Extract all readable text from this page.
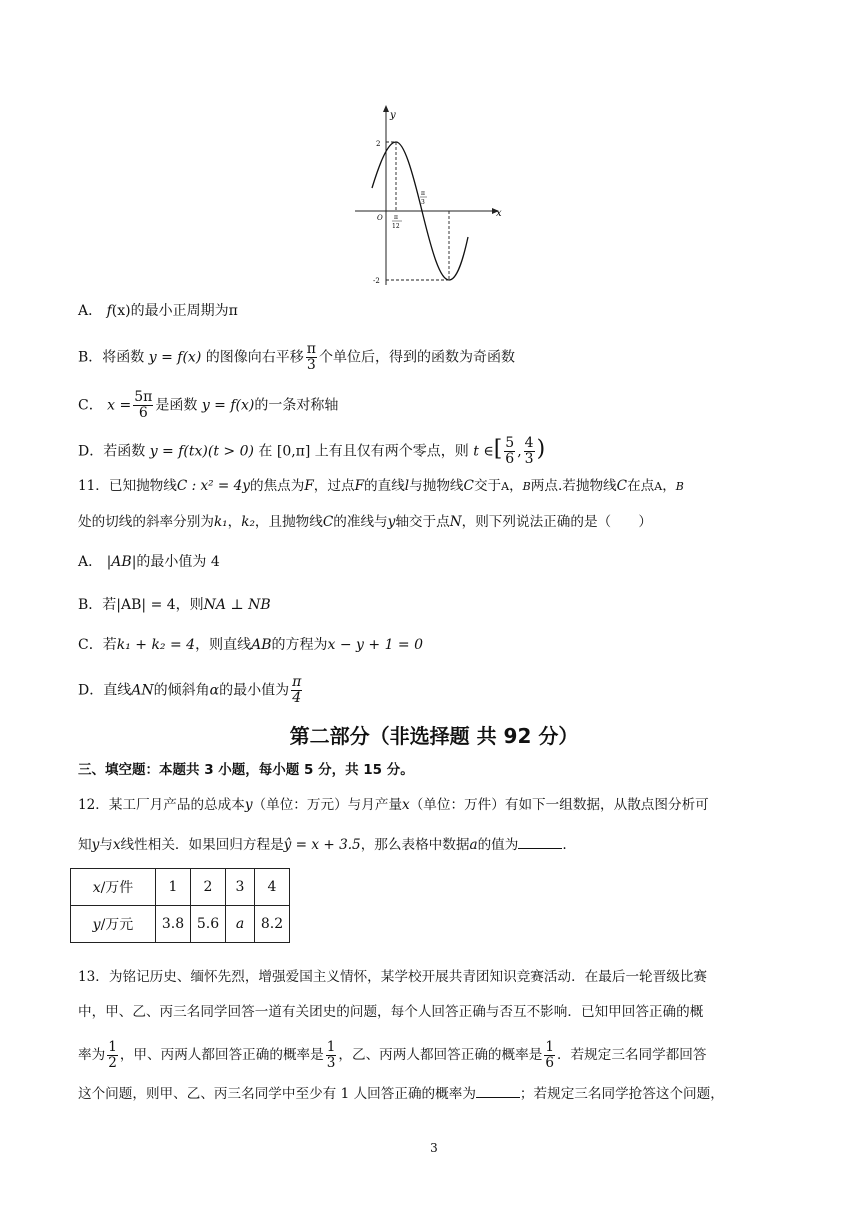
y
x
O
2
-2
π
12
π
3
A． f(x)的最小正周期为π
B．将函数 y = f(x) 的图像向右平移 $\frac{\pi}{3}$ 个单位后，得到的函数为奇函数
C． $x = \frac{5\pi}{6}$ 是函数 y = f(x)的一条对称轴
D．若函数 y = f(tx)(t > 0) 在 [0,π] 上有且仅有两个零点，则 t ∈[ $\frac{5}{6}$ , $\frac{4}{3}$ )
11．已知抛物线C : x² = 4y的焦点为F，过点F的直线l与抛物线C交于A，B两点.若抛物线C在点A，B
处的切线的斜率分别为k₁，k₂，且抛物线C的准线与y轴交于点N，则下列说法正确的是（　　）
A． |AB|的最小值为 4
B．若|AB| = 4，则NA ⊥ NB
C．若k₁ + k₂ = 4，则直线AB的方程为x − y + 1 = 0
D．直线AN的倾斜角α的最小值为 $\frac{\pi}{4}$
第二部分（非选择题 共 92 分）
三、填空题：本题共 3 小题，每小题 5 分，共 15 分。
12．某工厂月产品的总成本y（单位：万元）与月产量x（单位：万件）有如下一组数据，从散点图分析可
知y与x线性相关．如果回归方程是ŷ = x + 3.5，那么表格中数据a的值为	.
x/万件	1	2	3	4
y/万元	3.8	5.6	a	8.2
13．为铭记历史、缅怀先烈，增强爱国主义情怀，某学校开展共青团知识竞赛活动．在最后一轮晋级比赛
中，甲、乙、丙三名同学回答一道有关团史的问题，每个人回答正确与否互不影响．已知甲回答正确的概
率为 $\frac{1}{2}$ ，甲、丙两人都回答正确的概率是 $\frac{1}{3}$ ，乙、丙两人都回答正确的概率是 $\frac{1}{6}$ ．若规定三名同学都回答
这个问题，则甲、乙、丙三名同学中至少有 1 人回答正确的概率为	；若规定三名同学抢答这个问题，
3
